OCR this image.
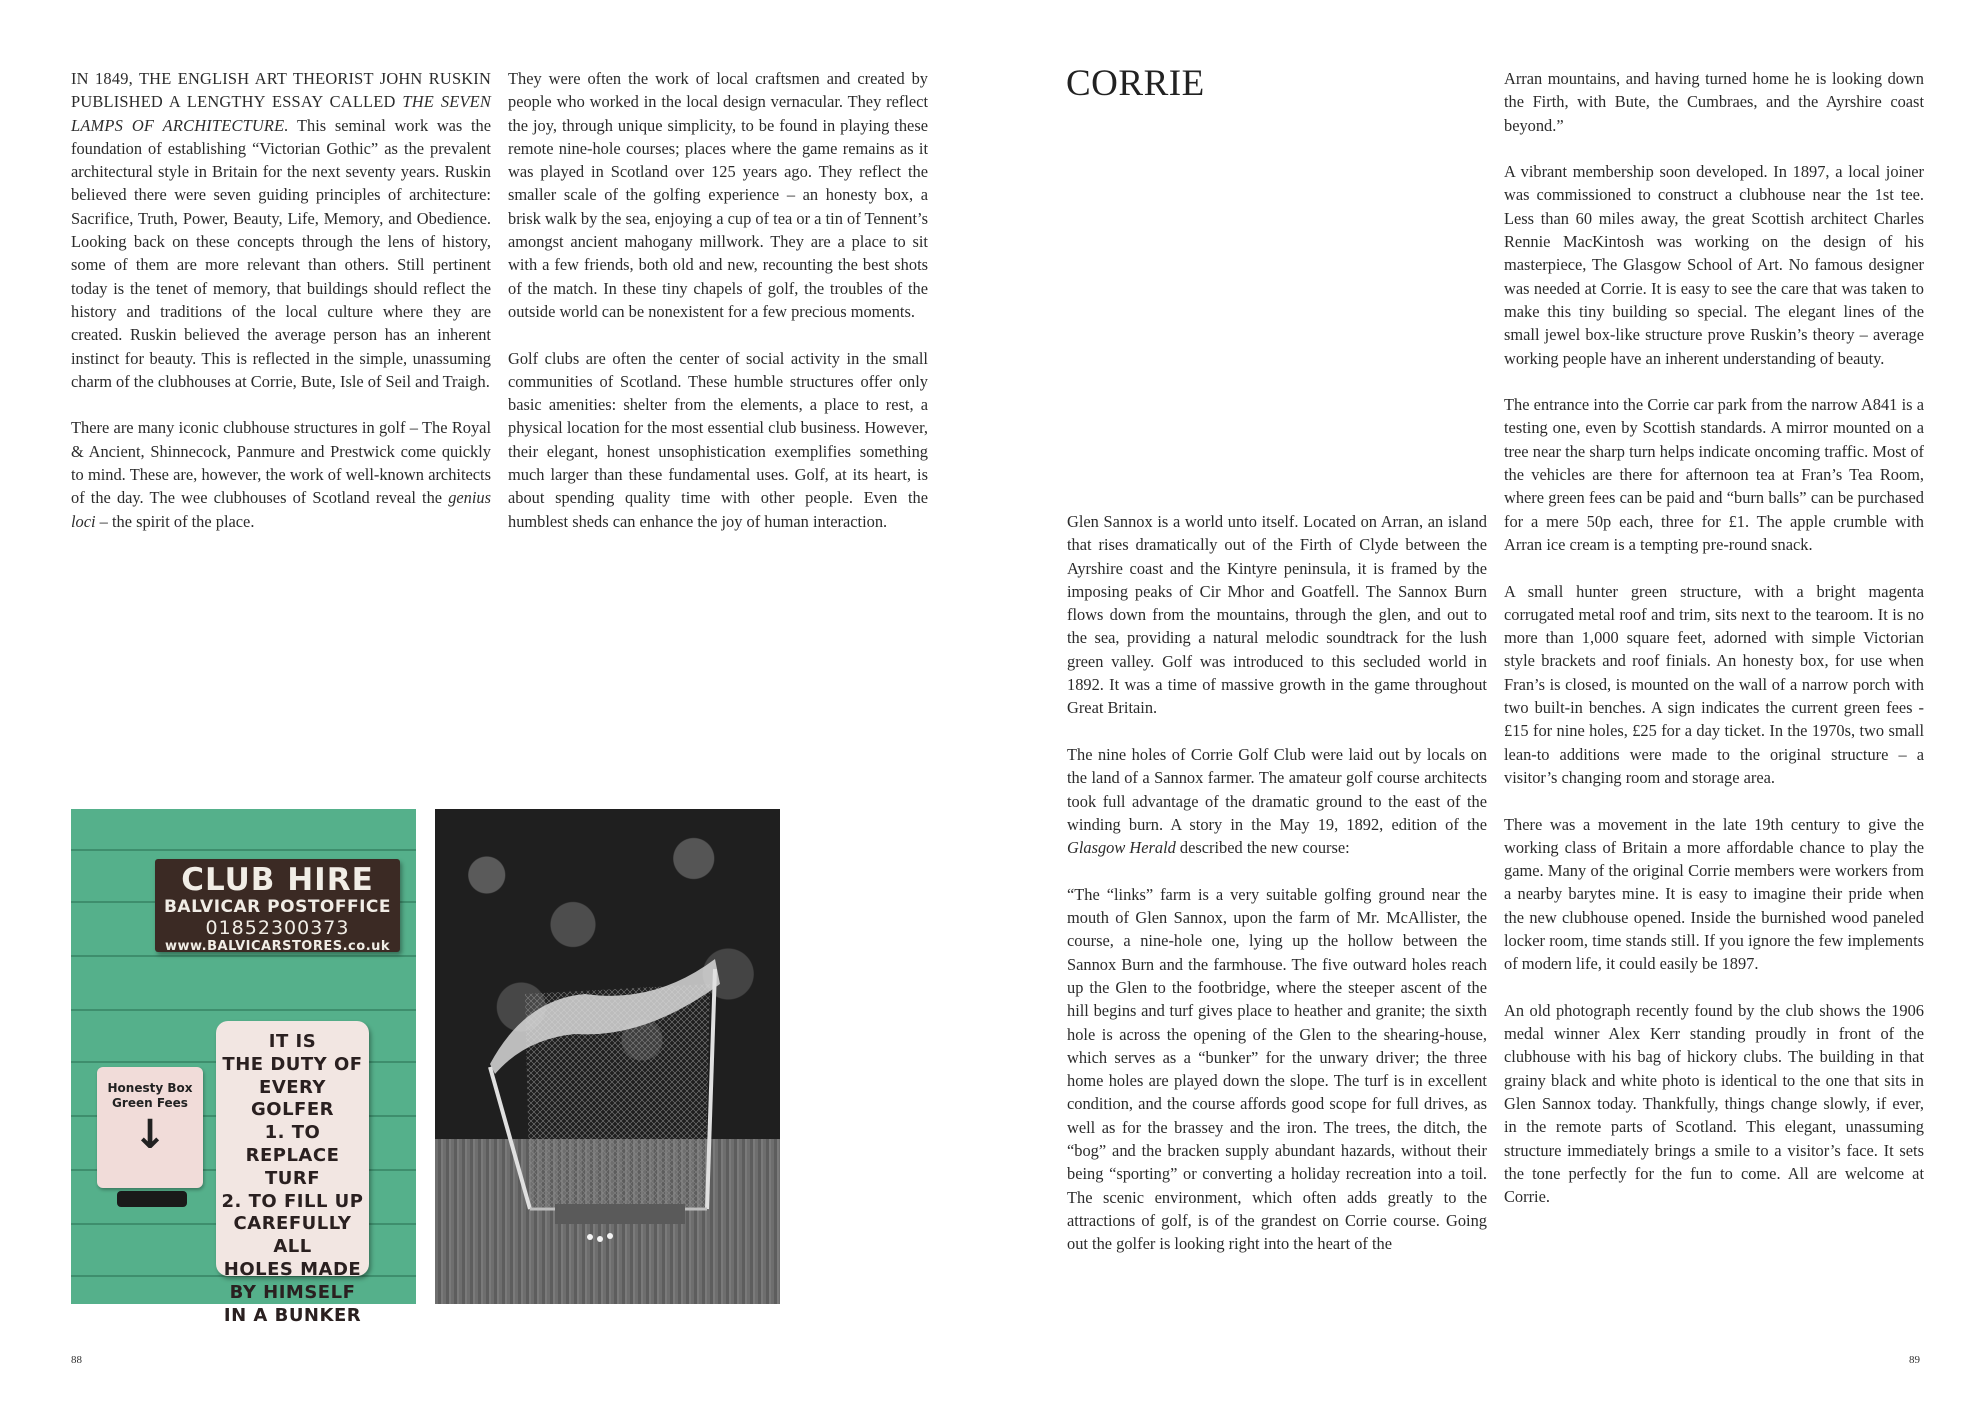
IN 1849, THE ENGLISH ART THEORIST JOHN RUSKIN PUBLISHED A LENGTHY ESSAY CALLED THE SEVEN LAMPS OF ARCHITECTURE. This seminal work was the foundation of establishing “Victorian Gothic” as the prevalent architectural style in Britain for the next seventy years. Ruskin believed there were seven guiding principles of architecture: Sacrifice, Truth, Power, Beauty, Life, Memory, and Obedience. Looking back on these concepts through the lens of history, some of them are more relevant than others. Still pertinent today is the tenet of memory, that buildings should reflect the history and traditions of the local culture where they are created. Ruskin believed the average person has an inherent instinct for beauty. This is reflected in the simple, unassuming charm of the clubhouses at Corrie, Bute, Isle of Seil and Traigh.

There are many iconic clubhouse structures in golf – The Royal & Ancient, Shinnecock, Panmure and Prestwick come quickly to mind. These are, however, the work of well-known architects of the day. The wee clubhouses of Scotland reveal the genius loci – the spirit of the place.

They were often the work of local craftsmen and created by people who worked in the local design vernacular. They reflect the joy, through unique simplicity, to be found in playing these remote nine-hole courses; places where the game remains as it was played in Scotland over 125 years ago. They reflect the smaller scale of the golfing experience – an honesty box, a brisk walk by the sea, enjoying a cup of tea or a tin of Tennent’s amongst ancient mahogany millwork. They are a place to sit with a few friends, both old and new, recounting the best shots of the match. In these tiny chapels of golf, the troubles of the outside world can be nonexistent for a few precious moments.

Golf clubs are often the center of social activity in the small communities of Scotland. These humble structures offer only basic amenities: shelter from the elements, a place to rest, a physical location for the most essential club business. However, their elegant, honest unsophistication exemplifies something much larger than these fundamental uses. Golf, at its heart, is about spending quality time with other people. Even the humblest sheds can enhance the joy of human interaction.

CLUB HIRE
BALVICAR POSTOFFICE
01852300373
www.BALVICARSTORES.co.uk
Honesty Box
Green Fees
↓
IT IS
THE DUTY OF
EVERY GOLFER
1. TO REPLACE
TURF
2. TO FILL UP
CAREFULLY ALL
HOLES MADE
BY HIMSELF
IN A BUNKER
88
CORRIE

Glen Sannox is a world unto itself. Located on Arran, an island that rises dramatically out of the Firth of Clyde between the Ayrshire coast and the Kintyre peninsula, it is framed by the imposing peaks of Cir Mhor and Goatfell. The Sannox Burn flows down from the mountains, through the glen, and out to the sea, providing a natural melodic soundtrack for the lush green valley. Golf was introduced to this secluded world in 1892. It was a time of massive growth in the game throughout Great Britain.

The nine holes of Corrie Golf Club were laid out by locals on the land of a Sannox farmer. The amateur golf course architects took full advantage of the dramatic ground to the east of the winding burn. A story in the May 19, 1892, edition of the Glasgow Herald described the new course:

“The “links” farm is a very suitable golfing ground near the mouth of Glen Sannox, upon the farm of Mr. McAllister, the course, a nine-hole one, lying up the hollow between the Sannox Burn and the farmhouse. The five outward holes reach up the Glen to the footbridge, where the steeper ascent of the hill begins and turf gives place to heather and granite; the sixth hole is across the opening of the Glen to the shearing-house, which serves as a “bunker” for the unwary driver; the three home holes are played down the slope. The turf is in excellent condition, and the course affords good scope for full drives, as well as for the brassey and the iron. The trees, the ditch, the “bog” and the bracken supply abundant hazards, without their being “sporting” or converting a holiday recreation into a toil. The scenic environment, which often adds greatly to the attractions of golf, is of the grandest on Corrie course. Going out the golfer is looking right into the heart of the

Arran mountains, and having turned home he is looking down the Firth, with Bute, the Cumbraes, and the Ayrshire coast beyond.”

A vibrant membership soon developed. In 1897, a local joiner was commissioned to construct a clubhouse near the 1st tee. Less than 60 miles away, the great Scottish architect Charles Rennie MacKintosh was working on the design of his masterpiece, The Glasgow School of Art. No famous designer was needed at Corrie. It is easy to see the care that was taken to make this tiny building so special. The elegant lines of the small jewel box-like structure prove Ruskin’s theory – average working people have an inherent understanding of beauty.

The entrance into the Corrie car park from the narrow A841 is a testing one, even by Scottish standards. A mirror mounted on a tree near the sharp turn helps indicate oncoming traffic. Most of the vehicles are there for afternoon tea at Fran’s Tea Room, where green fees can be paid and “burn balls” can be purchased for a mere 50p each, three for £1. The apple crumble with Arran ice cream is a tempting pre-round snack.

A small hunter green structure, with a bright magenta corrugated metal roof and trim, sits next to the tearoom. It is no more than 1,000 square feet, adorned with simple Victorian style brackets and roof finials. An honesty box, for use when Fran’s is closed, is mounted on the wall of a narrow porch with two built-in benches. A sign indicates the current green fees - £15 for nine holes, £25 for a day ticket. In the 1970s, two small lean-to additions were made to the original structure – a visitor’s changing room and storage area.

There was a movement in the late 19th century to give the working class of Britain a more affordable chance to play the game. Many of the original Corrie members were workers from a nearby barytes mine. It is easy to imagine their pride when the new clubhouse opened. Inside the burnished wood paneled locker room, time stands still. If you ignore the few implements of modern life, it could easily be 1897.

An old photograph recently found by the club shows the 1906 medal winner Alex Kerr standing proudly in front of the clubhouse with his bag of hickory clubs. The building in that grainy black and white photo is identical to the one that sits in Glen Sannox today. Thankfully, things change slowly, if ever, in the remote parts of Scotland. This elegant, unassuming structure immediately brings a smile to a visitor’s face. It sets the tone perfectly for the fun to come. All are welcome at Corrie.

89
